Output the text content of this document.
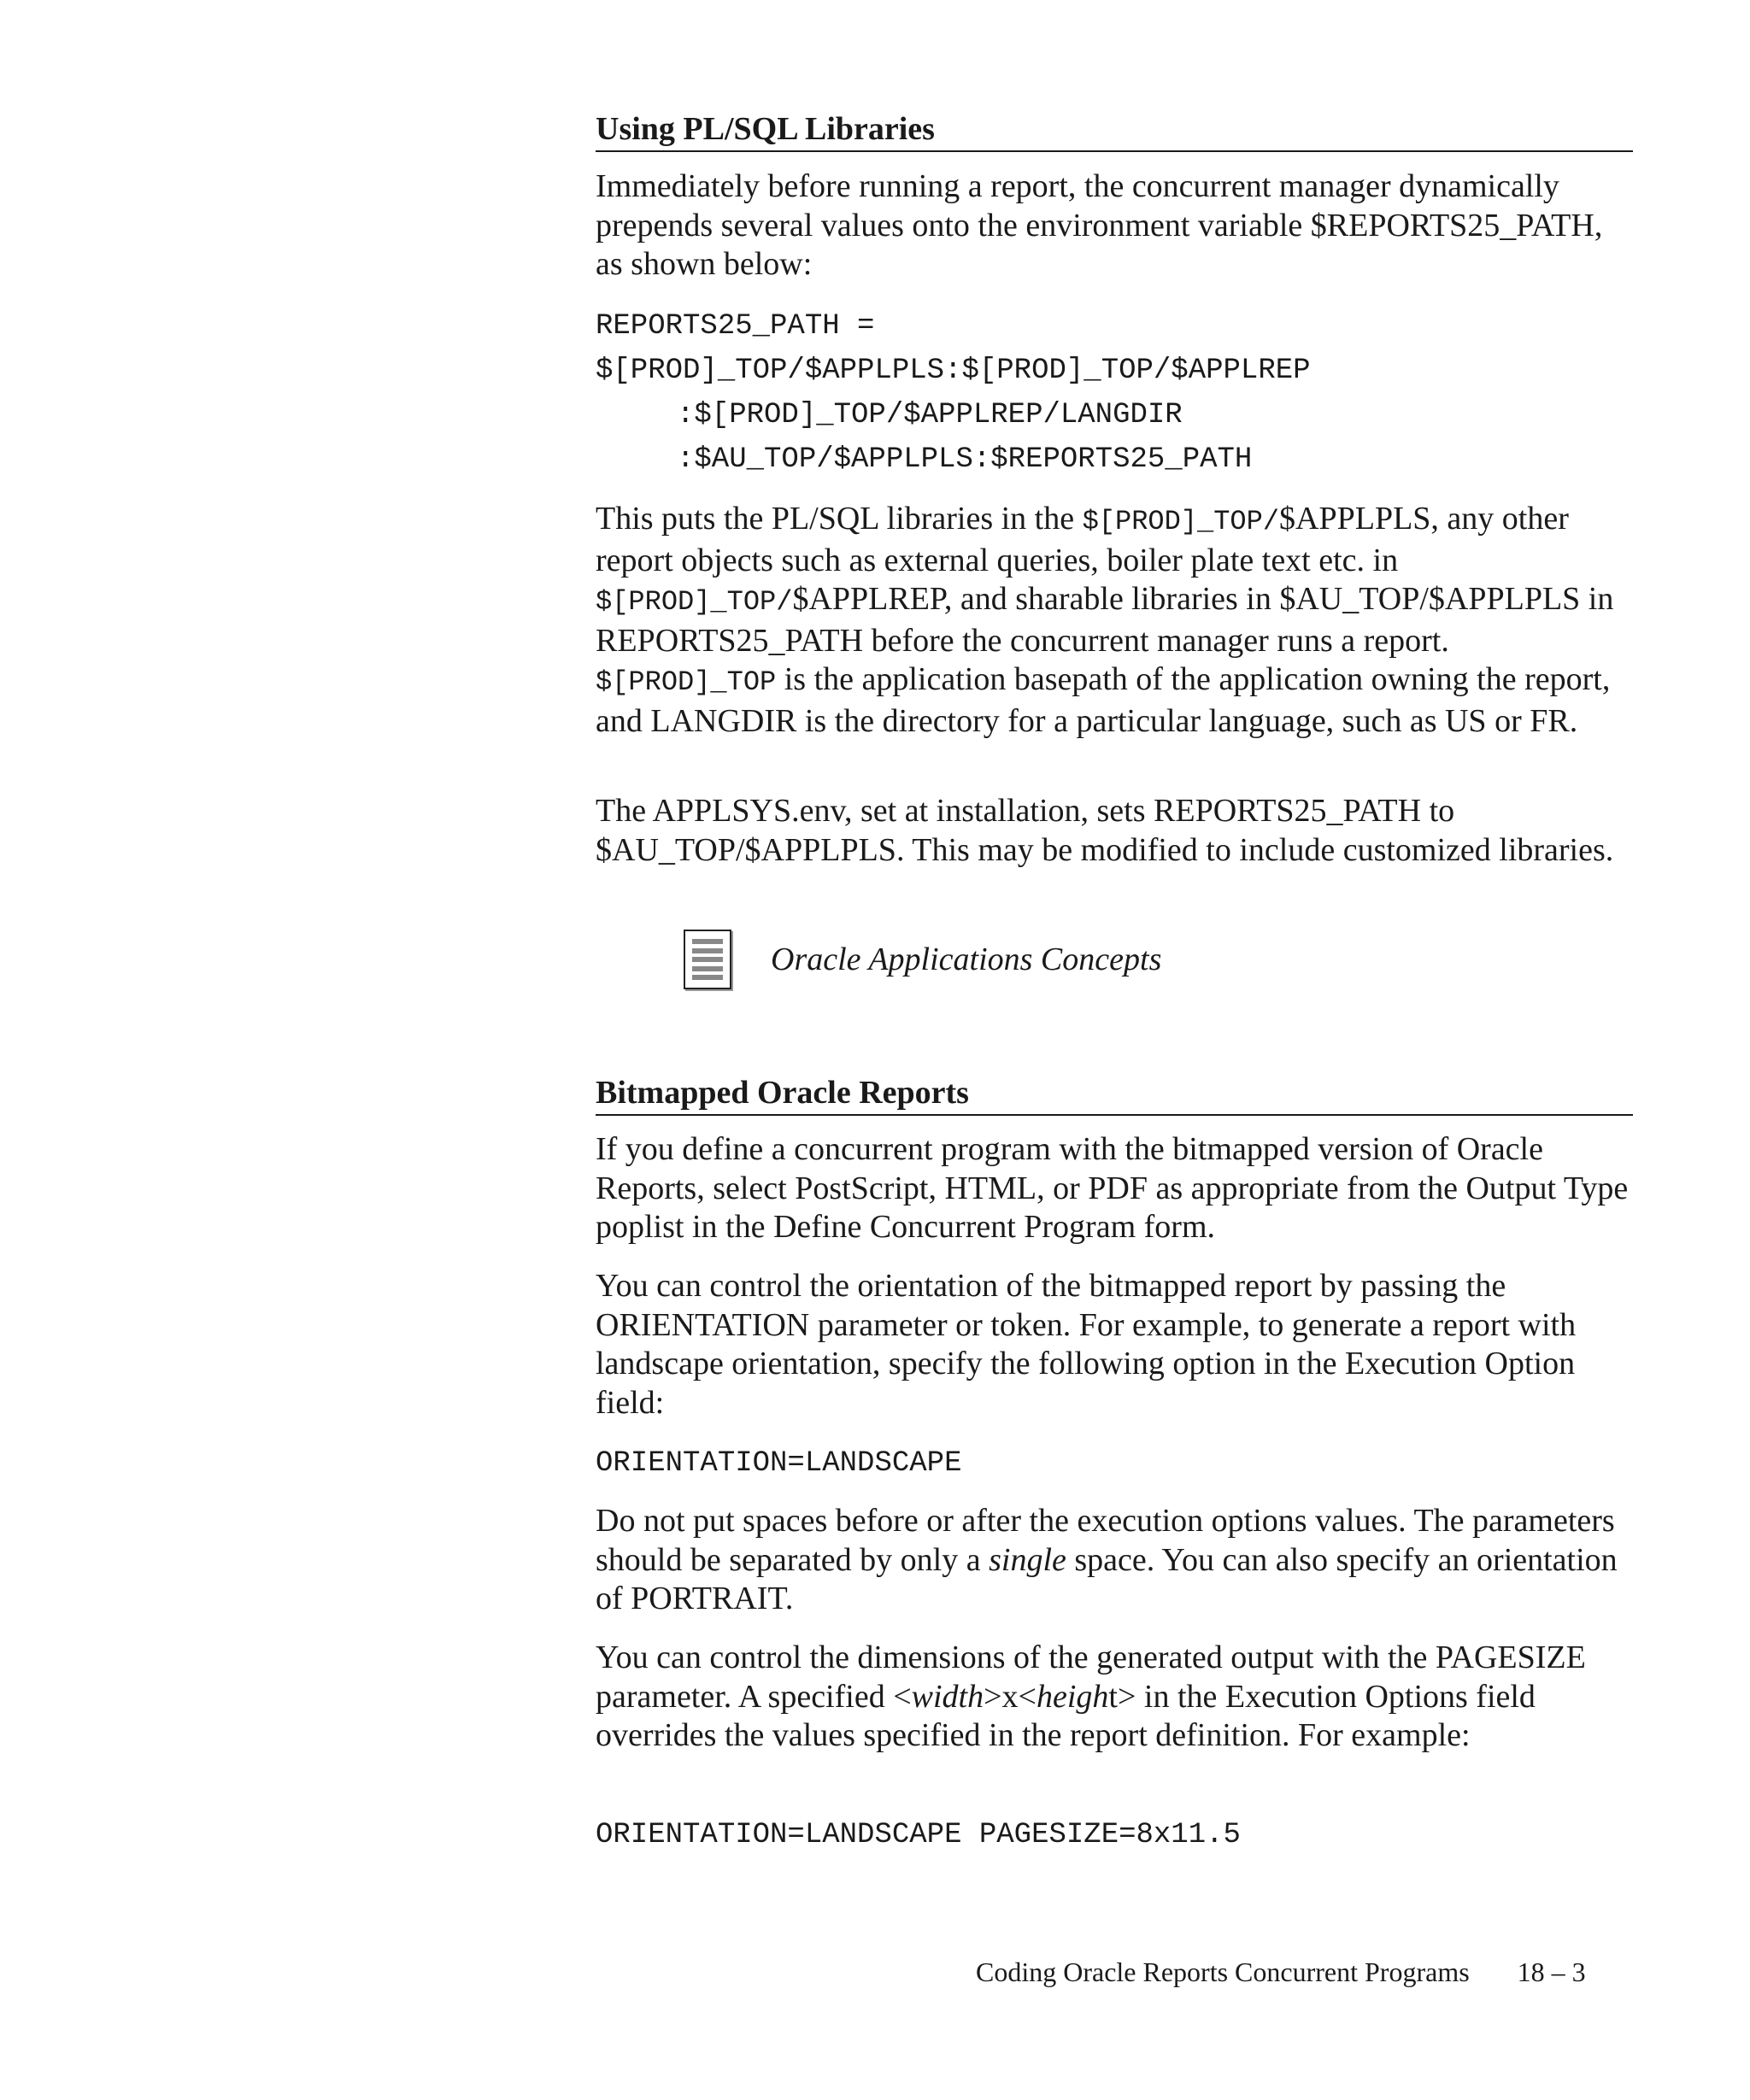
Using PL/SQL Libraries

Immediately before running a report, the concurrent manager dynamically prepends several values onto the environment variable $REPORTS25_PATH, as shown below:

REPORTS25_PATH =

$[PROD]_TOP/$APPLPLS:$[PROD]_TOP/$APPLREP

:$[PROD]_TOP/$APPLREP/LANGDIR

:$AU_TOP/$APPLPLS:$REPORTS25_PATH

This puts the PL/SQL libraries in the $[PROD]_TOP/$APPLPLS, any other report objects such as external queries, boiler plate text etc. in $[PROD]_TOP/$APPLREP, and sharable libraries in $AU_TOP/$APPLPLS in REPORTS25_PATH before the concurrent manager runs a report. $[PROD]_TOP is the application basepath of the application owning the report, and LANGDIR is the directory for a particular language, such as US or FR.

The APPLSYS.env, set at installation, sets REPORTS25_PATH to $AU_TOP/$APPLPLS. This may be modified to include customized libraries.

Oracle Applications Concepts
Bitmapped Oracle Reports

If you define a concurrent program with the bitmapped version of Oracle Reports, select PostScript, HTML, or PDF as appropriate from the Output Type poplist in the Define Concurrent Program form.

You can control the orientation of the bitmapped report by passing the ORIENTATION parameter or token. For example, to generate a report with landscape orientation, specify the following option in the Execution Option field:

ORIENTATION=LANDSCAPE

Do not put spaces before or after the execution options values. The parameters should be separated by only a single space. You can also specify an orientation of PORTRAIT.

You can control the dimensions of the generated output with the PAGESIZE parameter. A specified <width>x<height> in the Execution Options field overrides the values specified in the report definition. For example:

ORIENTATION=LANDSCAPE PAGESIZE=8x11.5

Coding Oracle Reports Concurrent Programs 18 – 3
